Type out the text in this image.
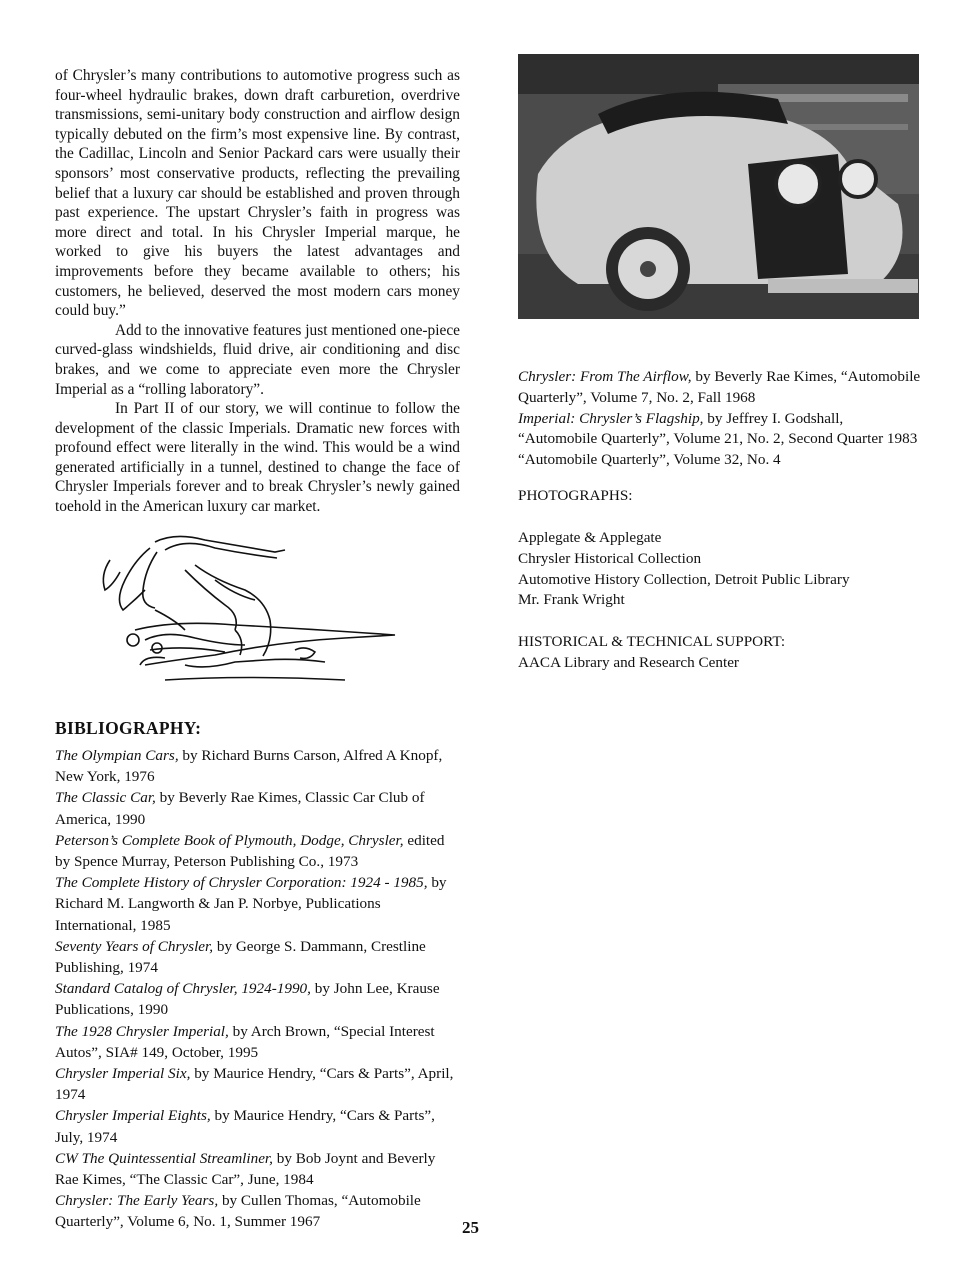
of Chrysler’s many contributions to automotive progress such as four-wheel hydraulic brakes, down draft carburetion, overdrive transmissions, semi-unitary body construction and airflow design typically debuted on the firm’s most expensive line. By contrast, the Cadillac, Lincoln and Senior Packard cars were usually their sponsors’ most conservative products, reflecting the prevailing belief that a luxury car should be established and proven through past experience. The upstart Chrysler’s faith in progress was more direct and total. In his Chrysler Imperial marque, he worked to give his buyers the latest advantages and improvements before they became available to others; his customers, he believed, deserved the most modern cars money could buy.”

Add to the innovative features just mentioned one-piece curved-glass windshields, fluid drive, air conditioning and disc brakes, and we come to appreciate even more the Chrysler Imperial as a “rolling laboratory”.

In Part II of our story, we will continue to follow the development of the classic Imperials. Dramatic new forces with profound effect were literally in the wind. This would be a wind generated artificially in a tunnel, destined to change the face of Chrysler Imperials forever and to break Chrysler’s newly gained toehold in the American luxury car market.

Chrysler: From The Airflow, by Beverly Rae Kimes, “Automobile Quarterly”, Volume 7, No. 2, Fall 1968
Imperial: Chrysler’s Flagship, by Jeffrey I. Godshall, “Automobile Quarterly”, Volume 21, No. 2, Second Quarter 1983
“Automobile Quarterly”, Volume 32, No. 4
PHOTOGRAPHS:
Applegate & Applegate
Chrysler Historical Collection
Automotive History Collection, Detroit Public Library
Mr. Frank Wright
HISTORICAL & TECHNICAL SUPPORT:
AACA Library and Research Center
BIBLIOGRAPHY:
The Olympian Cars, by Richard Burns Carson, Alfred A Knopf, New York, 1976
The Classic Car, by Beverly Rae Kimes, Classic Car Club of America, 1990
Peterson’s Complete Book of Plymouth, Dodge, Chrysler, edited by Spence Murray, Peterson Publishing Co., 1973
The Complete History of Chrysler Corporation: 1924 - 1985, by Richard M. Langworth & Jan P. Norbye, Publications International, 1985
Seventy Years of Chrysler, by George S. Dammann, Crestline Publishing, 1974
Standard Catalog of Chrysler, 1924-1990, by John Lee, Krause Publications, 1990
The 1928 Chrysler Imperial, by Arch Brown, “Special Interest Autos”, SIA# 149, October, 1995
Chrysler Imperial Six, by Maurice Hendry, “Cars & Parts”, April, 1974
Chrysler Imperial Eights, by Maurice Hendry, “Cars & Parts”, July, 1974
CW The Quintessential Streamliner, by Bob Joynt and Beverly Rae Kimes, “The Classic Car”, June, 1984
Chrysler: The Early Years, by Cullen Thomas, “Automobile Quarterly”, Volume 6, No. 1, Summer 1967	25
